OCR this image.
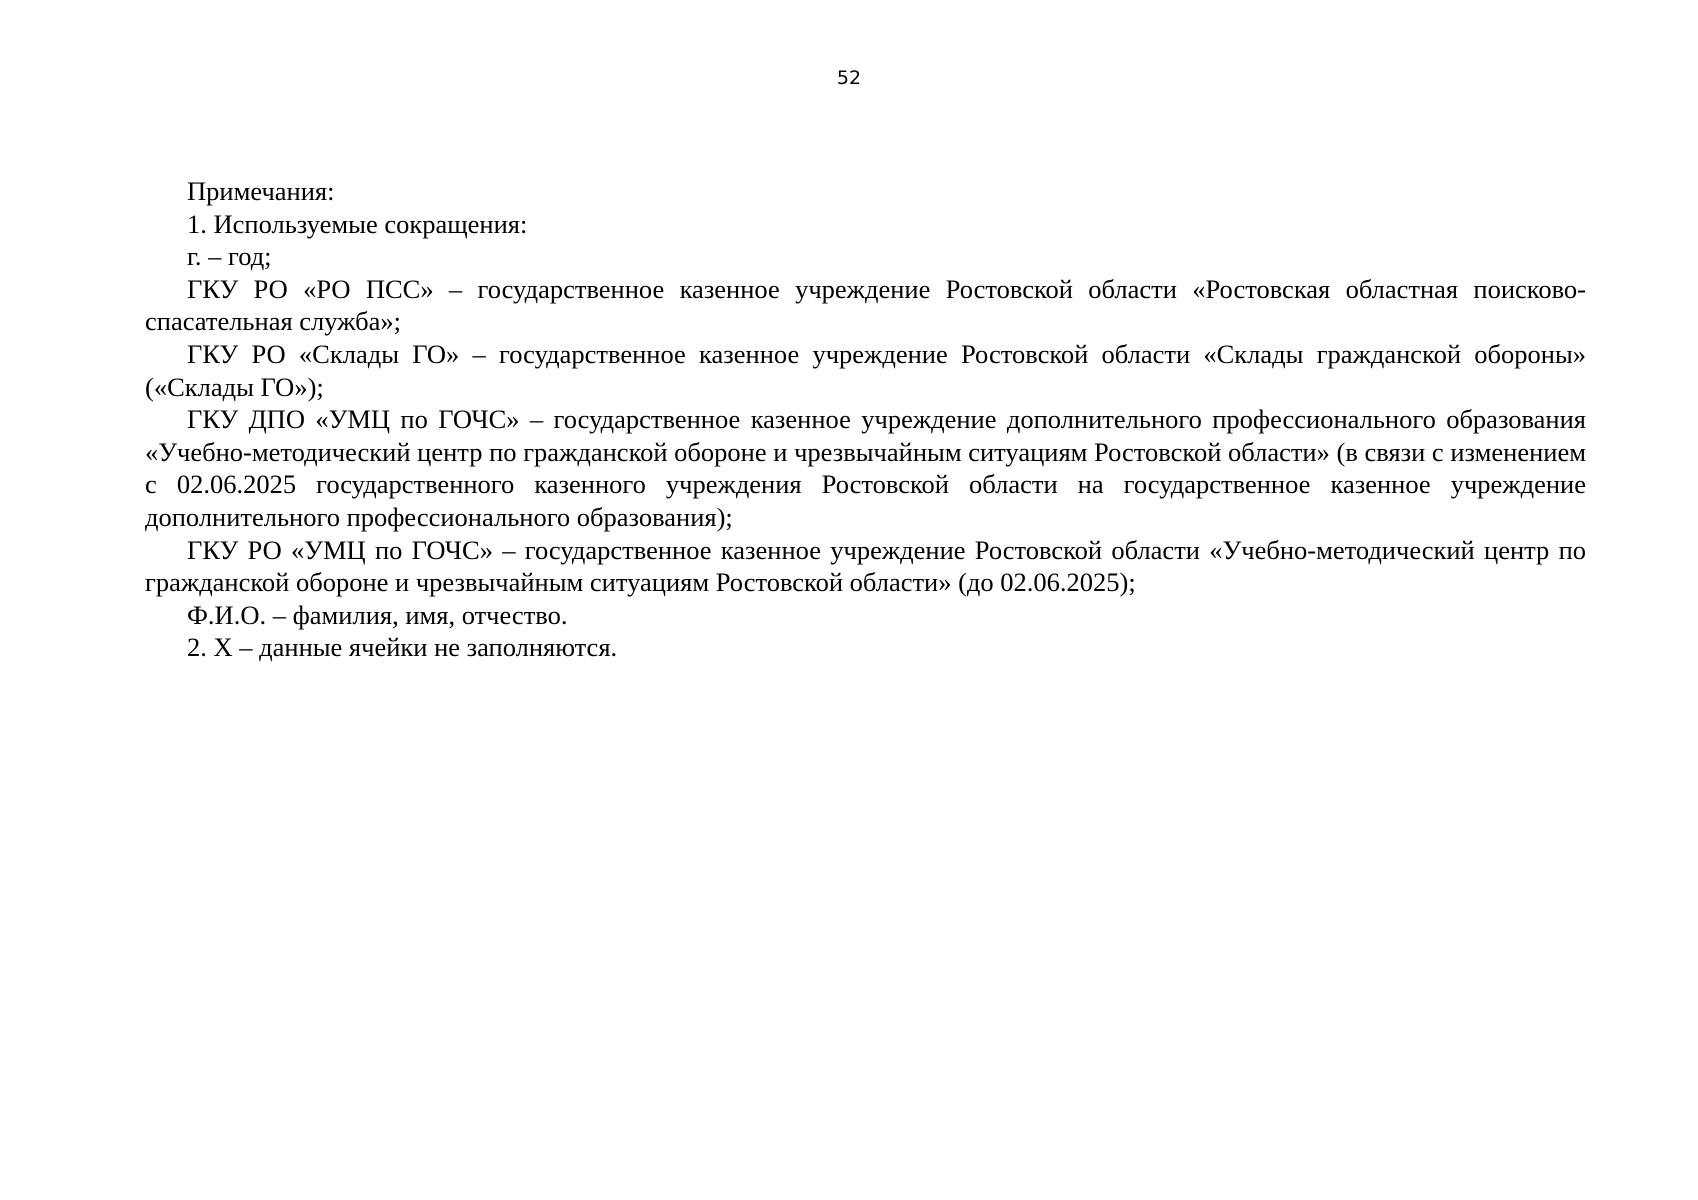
52

Примечания:

1. Используемые сокращения:

г. – год;

ГКУ РО «РО ПСС» – государственное казенное учреждение Ростовской области «Ростовская областная поисково-спасательная служба»;

ГКУ РО «Склады ГО» – государственное казенное учреждение Ростовской области «Склады гражданской обороны» («Склады ГО»);

ГКУ ДПО «УМЦ по ГОЧС» – государственное казенное учреждение дополнительного профессионального образования «Учебно-методический центр по гражданской обороне и чрезвычайным ситуациям Ростовской области» (в связи с изменением с 02.06.2025 государственного казенного учреждения Ростовской области на государственное казенное учреждение дополнительного профессионального образования);

ГКУ РО «УМЦ по ГОЧС» – государственное казенное учреждение Ростовской области «Учебно-методический центр по гражданской обороне и чрезвычайным ситуациям Ростовской области» (до 02.06.2025);

Ф.И.О. – фамилия, имя, отчество.

2. Х – данные ячейки не заполняются.
